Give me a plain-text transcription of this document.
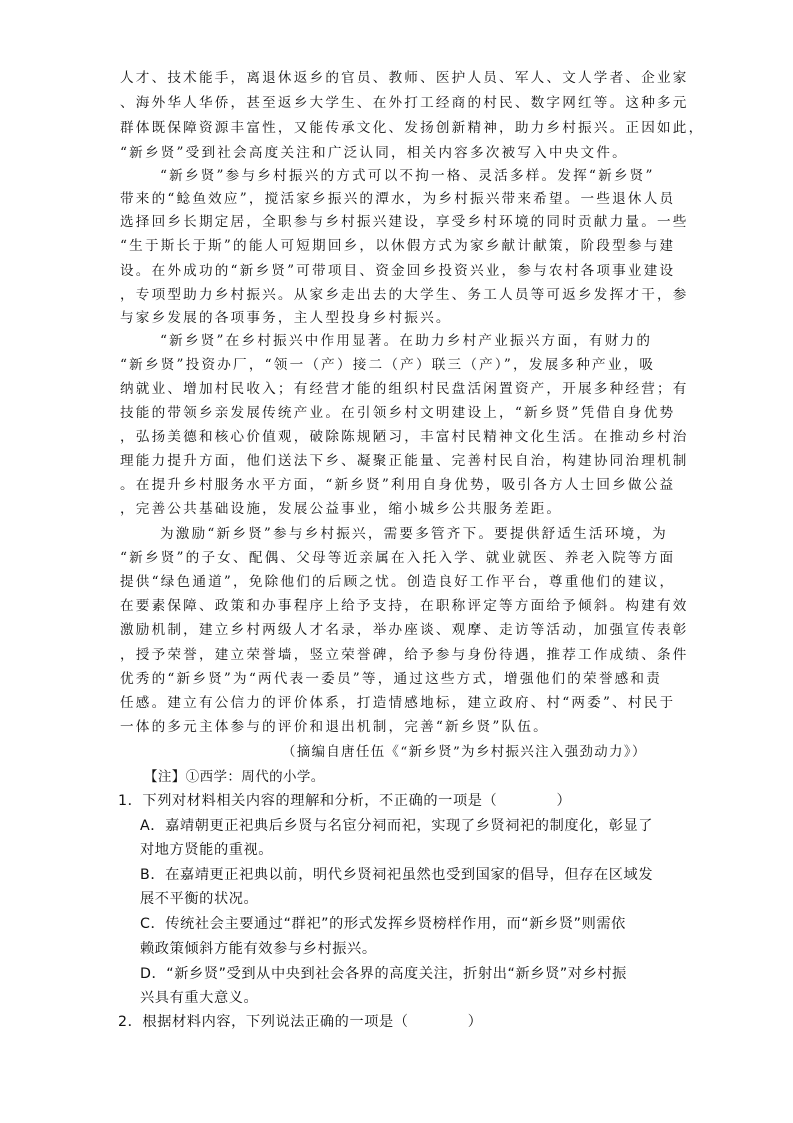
人才、技术能手，离退休返乡的官员、教师、医护人员、军人、文人学者、企业家
、海外华人华侨，甚至返乡大学生、在外打工经商的村民、数字网红等。这种多元
群体既保障资源丰富性，又能传承文化、发扬创新精神，助力乡村振兴。正因如此，
“新乡贤”受到社会高度关注和广泛认同，相关内容多次被写入中央文件。
“新乡贤”参与乡村振兴的方式可以不拘一格、灵活多样。发挥“新乡贤”
带来的“鲶鱼效应”，搅活家乡振兴的潭水，为乡村振兴带来希望。一些退休人员
选择回乡长期定居，全职参与乡村振兴建设，享受乡村环境的同时贡献力量。一些
“生于斯长于斯”的能人可短期回乡，以休假方式为家乡献计献策，阶段型参与建
设。在外成功的“新乡贤”可带项目、资金回乡投资兴业，参与农村各项事业建设
，专项型助力乡村振兴。从家乡走出去的大学生、务工人员等可返乡发挥才干，参
与家乡发展的各项事务，主人型投身乡村振兴。
“新乡贤”在乡村振兴中作用显著。在助力乡村产业振兴方面，有财力的
“新乡贤”投资办厂，“领一（产）接二（产）联三（产）”，发展多种产业，吸
纳就业、增加村民收入；有经营才能的组织村民盘活闲置资产，开展多种经营；有
技能的带领乡亲发展传统产业。在引领乡村文明建设上，“新乡贤”凭借自身优势
，弘扬美德和核心价值观，破除陈规陋习，丰富村民精神文化生活。在推动乡村治
理能力提升方面，他们送法下乡、凝聚正能量、完善村民自治，构建协同治理机制
。在提升乡村服务水平方面，“新乡贤”利用自身优势，吸引各方人士回乡做公益
，完善公共基础设施，发展公益事业，缩小城乡公共服务差距。
为激励“新乡贤”参与乡村振兴，需要多管齐下。要提供舒适生活环境，为
“新乡贤”的子女、配偶、父母等近亲属在入托入学、就业就医、养老入院等方面
提供“绿色通道”，免除他们的后顾之忧。创造良好工作平台，尊重他们的建议，
在要素保障、政策和办事程序上给予支持，在职称评定等方面给予倾斜。构建有效
激励机制，建立乡村两级人才名录，举办座谈、观摩、走访等活动，加强宣传表彰
，授予荣誉，建立荣誉墙，竖立荣誉碑，给予参与身份待遇，推荐工作成绩、条件
优秀的“新乡贤”为“两代表一委员”等，通过这些方式，增强他们的荣誉感和责
任感。建立有公信力的评价体系，打造情感地标，建立政府、村“两委”、村民于
一体的多元主体参与的评价和退出机制，完善“新乡贤”队伍。
（摘编自唐任伍《“新乡贤”为乡村振兴注入强劲动力》）
【注】①西学：周代的小学。
1．下列对材料相关内容的理解和分析，不正确的一项是（　　　　）
A．嘉靖朝更正祀典后乡贤与名宦分祠而祀，实现了乡贤祠祀的制度化，彰显了
对地方贤能的重视。
B．在嘉靖更正祀典以前，明代乡贤祠祀虽然也受到国家的倡导，但存在区域发
展不平衡的状况。
C．传统社会主要通过“群祀”的形式发挥乡贤榜样作用，而“新乡贤”则需依
赖政策倾斜方能有效参与乡村振兴。
D．“新乡贤”受到从中央到社会各界的高度关注，折射出“新乡贤”对乡村振
兴具有重大意义。
2．根据材料内容，下列说法正确的一项是（　　　　）
